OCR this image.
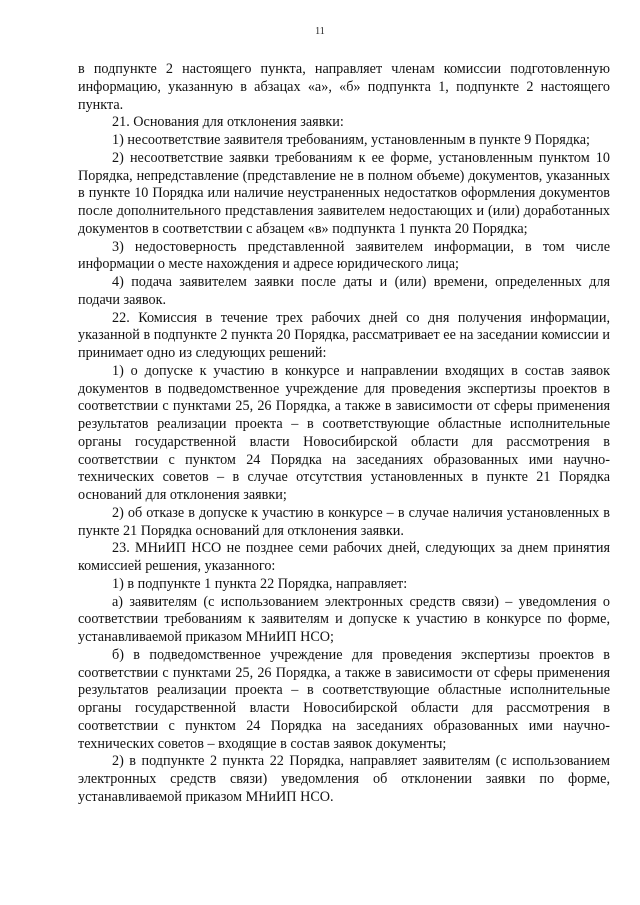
11

в подпункте 2 настоящего пункта, направляет членам комиссии подготовленную информацию, указанную в абзацах «а», «б» подпункта 1, подпункте 2 настоящего пункта.

21. Основания для отклонения заявки:

1) несоответствие заявителя требованиям, установленным в пункте 9 Порядка;

2) несоответствие заявки требованиям к ее форме, установленным пунктом 10 Порядка, непредставление (представление не в полном объеме) документов, указанных в пункте 10 Порядка или наличие неустраненных недостатков оформления документов после дополнительного представления заявителем недостающих и (или) доработанных документов в соответствии с абзацем «в» подпункта 1 пункта 20 Порядка;

3) недостоверность представленной заявителем информации, в том числе информации о месте нахождения и адресе юридического лица;

4) подача заявителем заявки после даты и (или) времени, определенных для подачи заявок.

22. Комиссия в течение трех рабочих дней со дня получения информации, указанной в подпункте 2 пункта 20 Порядка, рассматривает ее на заседании комиссии и принимает одно из следующих решений:

1) о допуске к участию в конкурсе и направлении входящих в состав заявок документов в подведомственное учреждение для проведения экспертизы проектов в соответствии с пунктами 25, 26 Порядка, а также в зависимости от сферы применения результатов реализации проекта – в соответствующие областные исполнительные органы государственной власти Новосибирской области для рассмотрения в соответствии с пунктом 24 Порядка на заседаниях образованных ими научно-технических советов – в случае отсутствия установленных в пункте 21 Порядка оснований для отклонения заявки;

2) об отказе в допуске к участию в конкурсе – в случае наличия установленных в пункте 21 Порядка оснований для отклонения заявки.

23. МНиИП НСО не позднее семи рабочих дней, следующих за днем принятия комиссией решения, указанного:

1) в подпункте 1 пункта 22 Порядка, направляет:

а) заявителям (с использованием электронных средств связи) – уведомления о соответствии требованиям к заявителям и допуске к участию в конкурсе по форме, устанавливаемой приказом МНиИП НСО;

б) в подведомственное учреждение для проведения экспертизы проектов в соответствии с пунктами 25, 26 Порядка, а также в зависимости от сферы применения результатов реализации проекта – в соответствующие областные исполнительные органы государственной власти Новосибирской области для рассмотрения в соответствии с пунктом 24 Порядка на заседаниях образованных ими научно-технических советов – входящие в состав заявок документы;

2) в подпункте 2 пункта 22 Порядка, направляет заявителям (с использованием электронных средств связи) уведомления об отклонении заявки по форме, устанавливаемой приказом МНиИП НСО.
